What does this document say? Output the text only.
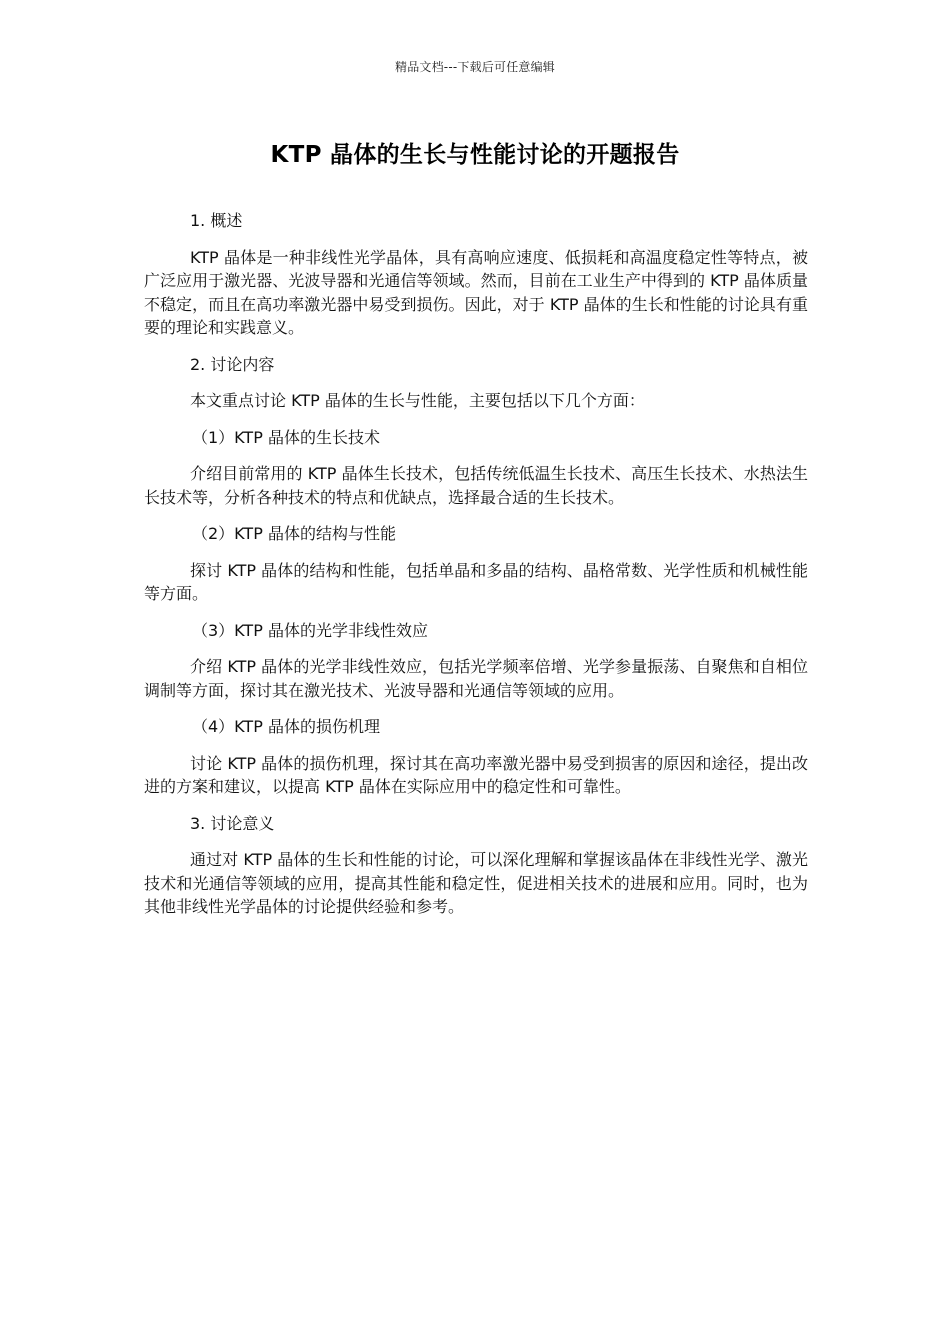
精品文档---下载后可任意编辑
KTP 晶体的生长与性能讨论的开题报告

1. 概述

KTP 晶体是一种非线性光学晶体，具有高响应速度、低损耗和高温度稳定性等特点，被广泛应用于激光器、光波导器和光通信等领域。然而，目前在工业生产中得到的 KTP 晶体质量不稳定，而且在高功率激光器中易受到损伤。因此，对于 KTP 晶体的生长和性能的讨论具有重要的理论和实践意义。

2. 讨论内容

本文重点讨论 KTP 晶体的生长与性能，主要包括以下几个方面：

（1）KTP 晶体的生长技术

介绍目前常用的 KTP 晶体生长技术，包括传统低温生长技术、高压生长技术、水热法生长技术等，分析各种技术的特点和优缺点，选择最合适的生长技术。

（2）KTP 晶体的结构与性能

探讨 KTP 晶体的结构和性能，包括单晶和多晶的结构、晶格常数、光学性质和机械性能等方面。

（3）KTP 晶体的光学非线性效应

介绍 KTP 晶体的光学非线性效应，包括光学频率倍增、光学参量振荡、自聚焦和自相位调制等方面，探讨其在激光技术、光波导器和光通信等领域的应用。

（4）KTP 晶体的损伤机理

讨论 KTP 晶体的损伤机理，探讨其在高功率激光器中易受到损害的原因和途径，提出改进的方案和建议，以提高 KTP 晶体在实际应用中的稳定性和可靠性。

3. 讨论意义

通过对 KTP 晶体的生长和性能的讨论，可以深化理解和掌握该晶体在非线性光学、激光技术和光通信等领域的应用，提高其性能和稳定性，促进相关技术的进展和应用。同时，也为其他非线性光学晶体的讨论提供经验和参考。
